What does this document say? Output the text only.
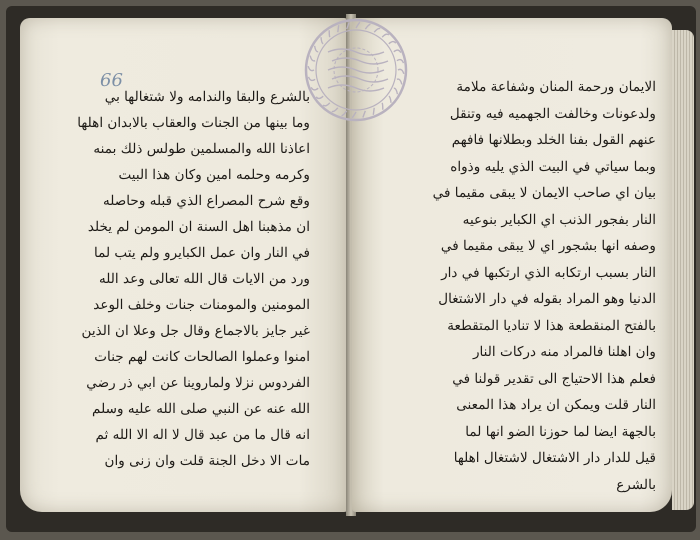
66
بالشرع والبقا والندامه ولا شتغالها بي
وما بينها من الجنات والعقاب بالابدان اهلها
اعاذنا الله والمسلمين طولس ذلك بمنه
وكرمه وحلمه امين وكان هذا البيت
وقع شرح المصراع الذي قبله وحاصله
ان مذهبنا اهل السنة ان المومن لم يخلد
في النار وان عمل الكبايرو ولم يتب لما
ورد من الايات قال الله تعالى وعد الله
المومنين والمومنات جنات وخلف الوعد
غير جايز بالاجماع وقال جل وعلا ان الذين
امنوا وعملوا الصالحات كانت لهم جنات
الفردوس نزلا ولماروينا عن ابي ذر رضي
الله عنه عن النبي صلى الله عليه وسلم
انه قال ما من عبد قال لا اله الا الله ثم
مات الا دخل الجنة قلت وان زنى وان
الايمان ورحمة المنان وشفاعة ملامة
ولدعونات وخالفت الجهميه فيه وتنقل
عنهم القول بفنا الخلد وبطلانها فافهم
وبما سياتي في البيت الذي يليه وذواه
بيان اي صاحب الايمان لا يبقى مقيما في
النار بفجور الذنب اي الكباير بنوعيه
وصفه انها بشجور اي لا يبقى مقيما في
النار بسبب ارتكابه الذي ارتكبها في دار
الدنيا وهو المراد بقوله في دار الاشتغال
بالفتح المنقطعة هذا لا تناديا المتقطعة
وان اهلنا فالمراد منه دركات النار
فعلم هذا الاحتياج الى تقدير قولنا في
النار قلت ويمكن ان يراد هذا المعنى
بالجهة ايضا لما حوزنا الضو انها لما
قيل للدار دار الاشتغال لاشتغال اهلها
بالشرع
